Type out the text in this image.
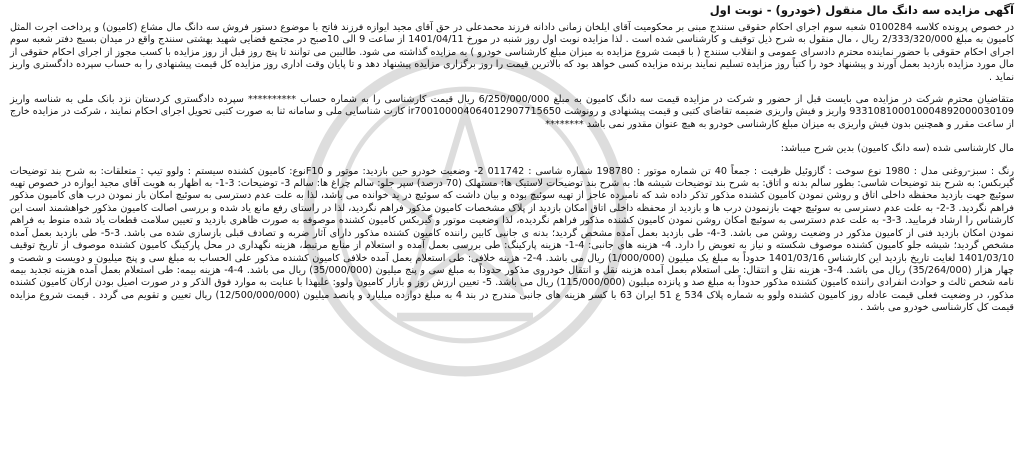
آگهی مزایده سه دانگ مال منقول (خودرو) - نوبت اول

در خصوص پرونده کلاسه 0100284 شعبه سوم اجرای احکام حقوقی سنندج مبنی بر محکومیت آقای ایلخان زمانی دادانه فرزند محمدعلی در حق آقای مجید ایوازه فرزند فاتح با موضوع دستور فروش سه دانگ مال مشاع (کامیون) و پرداخت اجرت المثل کامیون به مبلغ 2/333/320/000 ریال ، مال منقول به شرح ذیل توقیف و کارشناسی شده است . لذا مزایده نوبت اول روز شنبه در مورخ 1401/04/11 از ساعت 9 الی 10صبح در مجتمع قضایی شهید بهشتی سنندج واقع در میدان بسیج دفتر شعبه سوم اجرای احکام حقوقی با حضور نماینده محترم دادسرای عمومی و انقلاب سنندج ( با قیمت شروع مزایده به میزان مبلغ کارشناسی خودرو ) به مزایده گذاشته می شود. طالبین می توانند تا پنج روز قبل از روز مزایده با کسب مجوز از اجرای احکام حقوقی از مال مورد مزایده بازدید بعمل آورند و پیشنهاد خود را کتباً روز مزایده تسلیم نمایند برنده مزایده کسی خواهد بود که بالاترین قیمت را روز برگزاری مزایده پیشنهاد دهد و تا پایان وقت اداری روز مزایده کل قیمت پیشنهادی را به حساب سپرده دادگستری واریز نماید .

متقاضیان محترم شرکت در مزایده می بایست قبل از حضور و شرکت در مزایده قیمت سه دانگ کامیون به مبلغ 6/250/000/000 ریال قیمت کارشناسی را به شماره حساب ********** سپرده دادگستری کردستان نزد بانک ملی به شناسه واریز 933108100010004892000030109 واریز و فیش واریزی ضمیمه تقاضای کتبی و قیمت پیشنهادی و رونوشت ir700100004064012907715650 کارت شناسایی ملی و سامانه ثنا به صورت کتبی تحویل اجرای احکام نمایند ، شرکت در مزایده خارج از ساعت مقرر و همچنین بدون فیش واریزی به میزان مبلغ کارشناسی خودرو به هیچ عنوان مقدور نمی باشد ********

مال کارشناسی شده (سه دانگ کامیون) بدین شرح میباشد:

رنگ : سبز-روغنی مدل : 1980 نوع سوخت : گازوئیل ظرفیت : جمعاً 40 تن شماره موتور : 198780 شماره شاسی : 011742 2- وضعیت خودرو حین بازدید: موتور و F10نوع: کامیون کشنده سیستم : ولوو تیپ : متعلقات: به شرح بند توضیحات گیربکس: به شرح بند توضیحات شاسی: بطور سالم بدنه و اتاق: به شرح بند توضیحات شیشه ها: به شرح بند توضیحات لاستیک ها: مستهلک (70 درصد) سپر جلو: سالم چراغ ها: سالم 3- توضیحات: 3-1- به اظهار به هویت آقای مجید ایوازه در خصوص تهیه سوئیچ جهت بازدید محفظه داخلی اتاق و روشن نمودن کامیون کشنده مذکور تذکر داده شد که نامبرده عاجز از تهیه سوئیچ بوده و بیان داشت که سوئیچ در ید خوانده می باشد، لذا به علت عدم دسترسی به سوئیچ امکان باز نمودن درب های کامیون مذکور فراهم نگردید. 3-2- به علت عدم دسترسی به سوئیچ جهت بازنمودن درب ها و بازدید از محفظه داخلی اتاق امکان بازدید از پلاک مشخصات کامیون مذکور فراهم نگردید، لذا در راستای رفع مانع یاد شده و بررسی اصالت کامیون مذکور خواهشمند است این کارشناس را ارشاد فرمایید. 3-3- به علت عدم دسترسی به سوئیچ امکان روشن نمودن کامیون کشنده مذکور فراهم نگردیده، لذا وضعیت موتور و گیربکس کامیون کشنده موصوفه به صورت ظاهری بازدید و تعیین سلامت قطعات یاد شده منوط به فراهم نمودن امکان بازدید فنی از کامیون مذکور در وضعیت روشن می باشد. 3-4- طی بازدید بعمل آمده مشخص گردید؛ بدنه ی جانبی کابین راننده کامیون کشنده مذکور دارای آثار ضربه و تصادف قبلی بازسازی شده می باشد. 3-5- طی بازدید بعمل آمده مشخص گردید؛ شیشه جلو کامیون کشنده موصوف شکسته و نیاز به تعویض را دارد. 4- هزینه های جانبی: 4-1- هزینه پارکینگ: طی بررسی بعمل آمده و استعلام از منابع مرتبط، هزینه نگهداری در محل پارکینگ کامیون کشنده موصوف از تاریخ توقیف 1401/03/10 لغایت تاریخ بازدید این کارشناس 1401/03/16 حدوداً به مبلغ یک میلیون (1/000/000) ریال می باشد. 4-2- هزینه خلافی: طی استعلام بعمل آمده خلافی کامیون کشنده مذکور علی الحساب به مبلغ سی و پنج میلیون و دویست و شصت و چهار هزار (35/264/000) ریال می باشد. 4-3- هزینه نقل و انتقال: طی استعلام بعمل آمده هزینه نقل و انتقال خودروی مذکور حدوداً به مبلغ سی و پنج میلیون (35/000/000) ریال می باشد. 4-4- هزینه بیمه: طی استعلام بعمل آمده هزینه تجدید بیمه نامه شخص ثالث و حوادث انفرادی راننده کامیون کشنده مذکور حدوداً به مبلغ صد و پانزده میلیون (115/000/000) ریال می باشد. 5- تعیین ارزش روز و بازار کامیون ولوو: علیهذا با عنایت به موارد فوق الذکر و در صورت اصیل بودن ارکان کامیون کشنده مذکور، در وضعیت فعلی قیمت عادله روز کامیون کشنده ولوو به شماره پلاک 534 ع 51 ایران 63 با کسر هزینه های جانبی مندرج در بند 4 به مبلغ دوازده میلیارد و پانصد میلیون (12/500/000/000) ریال تعیین و تقویم می گردد . قیمت شروع مزایده قیمت کل کارشناسی خودرو می باشد .
